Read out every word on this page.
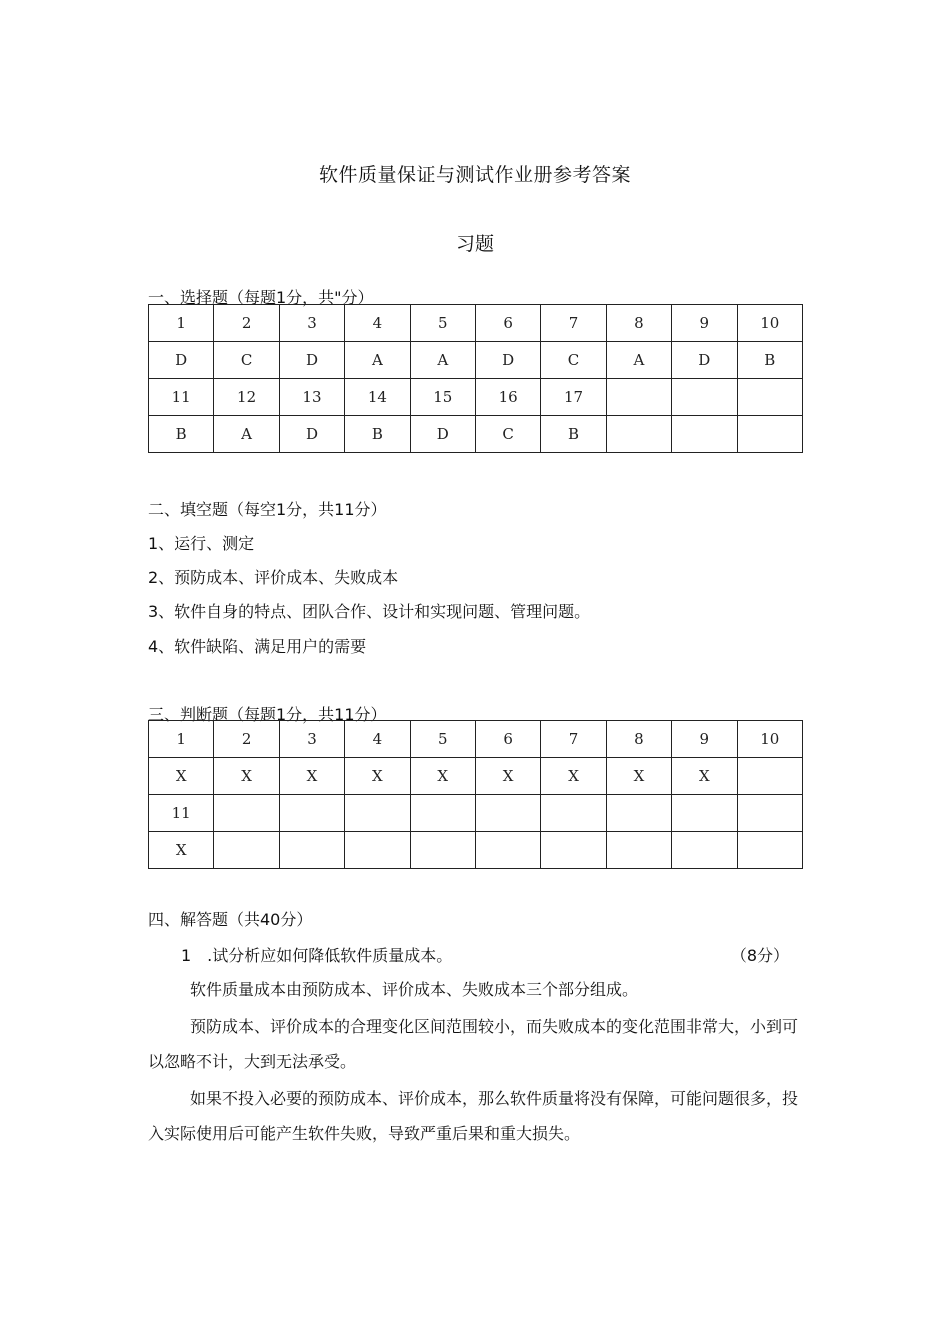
软件质量保证与测试作业册参考答案
习题
一、选择题（每题1分，共"分）
1	2	3	4	5	6	7	8	9	10
D	C	D	A	A	D	C	A	D	B
11	12	13	14	15	16	17			
B	A	D	B	D	C	B			
二、填空题（每空1分，共11分）
1、运行、测定
2、预防成本、评价成本、失败成本
3、软件自身的特点、团队合作、设计和实现问题、管理问题。
4、软件缺陷、满足用户的需要
三、判断题（每题1分，共11分）
1	2	3	4	5	6	7	8	9	10
X	X	X	X	X	X	X	X	X	
11									
X									
四、解答题（共40分）
1　.试分析应如何降低软件质量成本。	（8分）
软件质量成本由预防成本、评价成本、失败成本三个部分组成。
预防成本、评价成本的合理变化区间范围较小，而失败成本的变化范围非常大，小到可以忽略不计，大到无法承受。
如果不投入必要的预防成本、评价成本，那么软件质量将没有保障，可能问题很多，投入实际使用后可能产生软件失败，导致严重后果和重大损失。
